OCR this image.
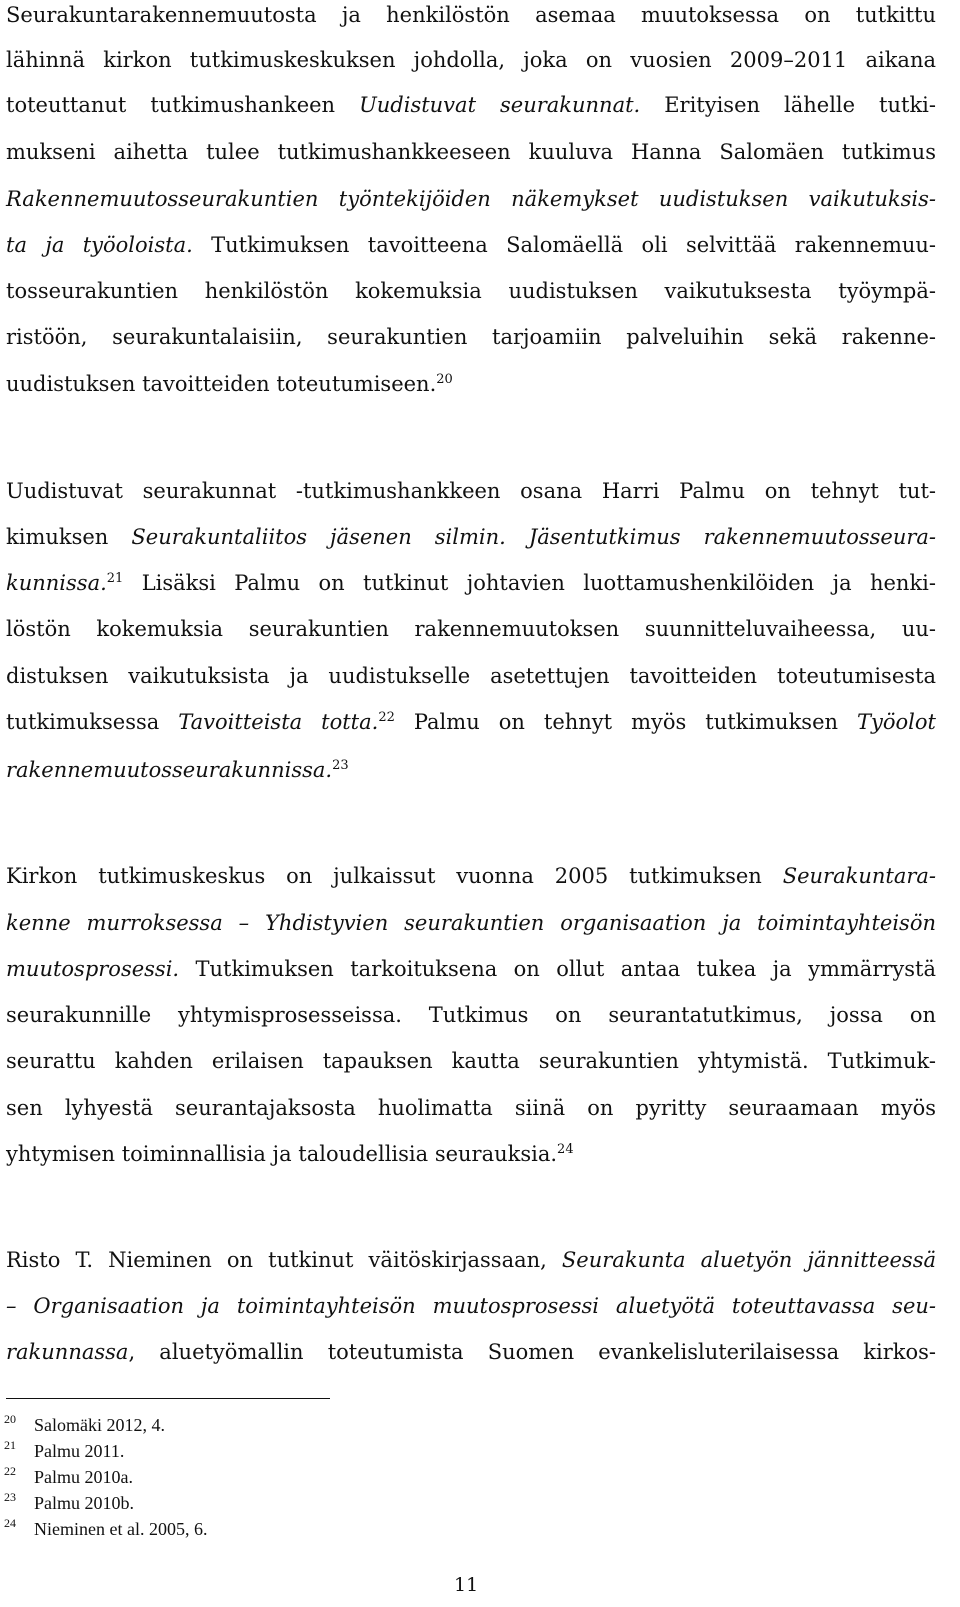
Seurakuntarakennemuutosta ja henkilöstön asemaa muutoksessa on tutkittu
lähinnä kirkon tutkimuskeskuksen johdolla, joka on vuosien 2009–2011 aikana
toteuttanut tutkimushankeen Uudistuvat seurakunnat. Erityisen lähelle tutki-
mukseni aihetta tulee tutkimushankkeeseen kuuluva Hanna Salomäen tutkimus
Rakennemuutosseurakuntien työntekijöiden näkemykset uudistuksen vaikutuksis-
ta ja työoloista. Tutkimuksen tavoitteena Salomäellä oli selvittää rakennemuu-
tosseurakuntien henkilöstön kokemuksia uudistuksen vaikutuksesta työympä-
ristöön, seurakuntalaisiin, seurakuntien tarjoamiin palveluihin sekä rakenne-
uudistuksen tavoitteiden toteutumiseen.$^{20}$
Uudistuvat seurakunnat -tutkimushankkeen osana Harri Palmu on tehnyt tut-
kimuksen Seurakuntaliitos jäsenen silmin. Jäsentutkimus rakennemuutosseura-
kunnissa.$^{21}$ Lisäksi Palmu on tutkinut johtavien luottamushenkilöiden ja henki-
löstön kokemuksia seurakuntien rakennemuutoksen suunnitteluvaiheessa, uu-
distuksen vaikutuksista ja uudistukselle asetettujen tavoitteiden toteutumisesta
tutkimuksessa Tavoitteista totta.$^{22}$ Palmu on tehnyt myös tutkimuksen Työolot
rakennemuutosseurakunnissa.$^{23}$
Kirkon tutkimuskeskus on julkaissut vuonna 2005 tutkimuksen Seurakuntara-
kenne murroksessa – Yhdistyvien seurakuntien organisaation ja toimintayhteisön
muutosprosessi. Tutkimuksen tarkoituksena on ollut antaa tukea ja ymmärrystä
seurakunnille yhtymisprosesseissa. Tutkimus on seurantatutkimus, jossa on
seurattu kahden erilaisen tapauksen kautta seurakuntien yhtymistä. Tutkimuk-
sen lyhyestä seurantajaksosta huolimatta siinä on pyritty seuraamaan myös
yhtymisen toiminnallisia ja taloudellisia seurauksia.$^{24}$
Risto T. Nieminen on tutkinut väitöskirjassaan, Seurakunta aluetyön jännitteessä
– Organisaation ja toimintayhteisön muutosprosessi aluetyötä toteuttavassa seu-
rakunnassa, aluetyömallin toteutumista Suomen evankelisluterilaisessa kirkos-
20 Salomäki 2012, 4.
21 Palmu 2011.
22 Palmu 2010a.
23 Palmu 2010b.
24 Nieminen et al. 2005, 6.
11
